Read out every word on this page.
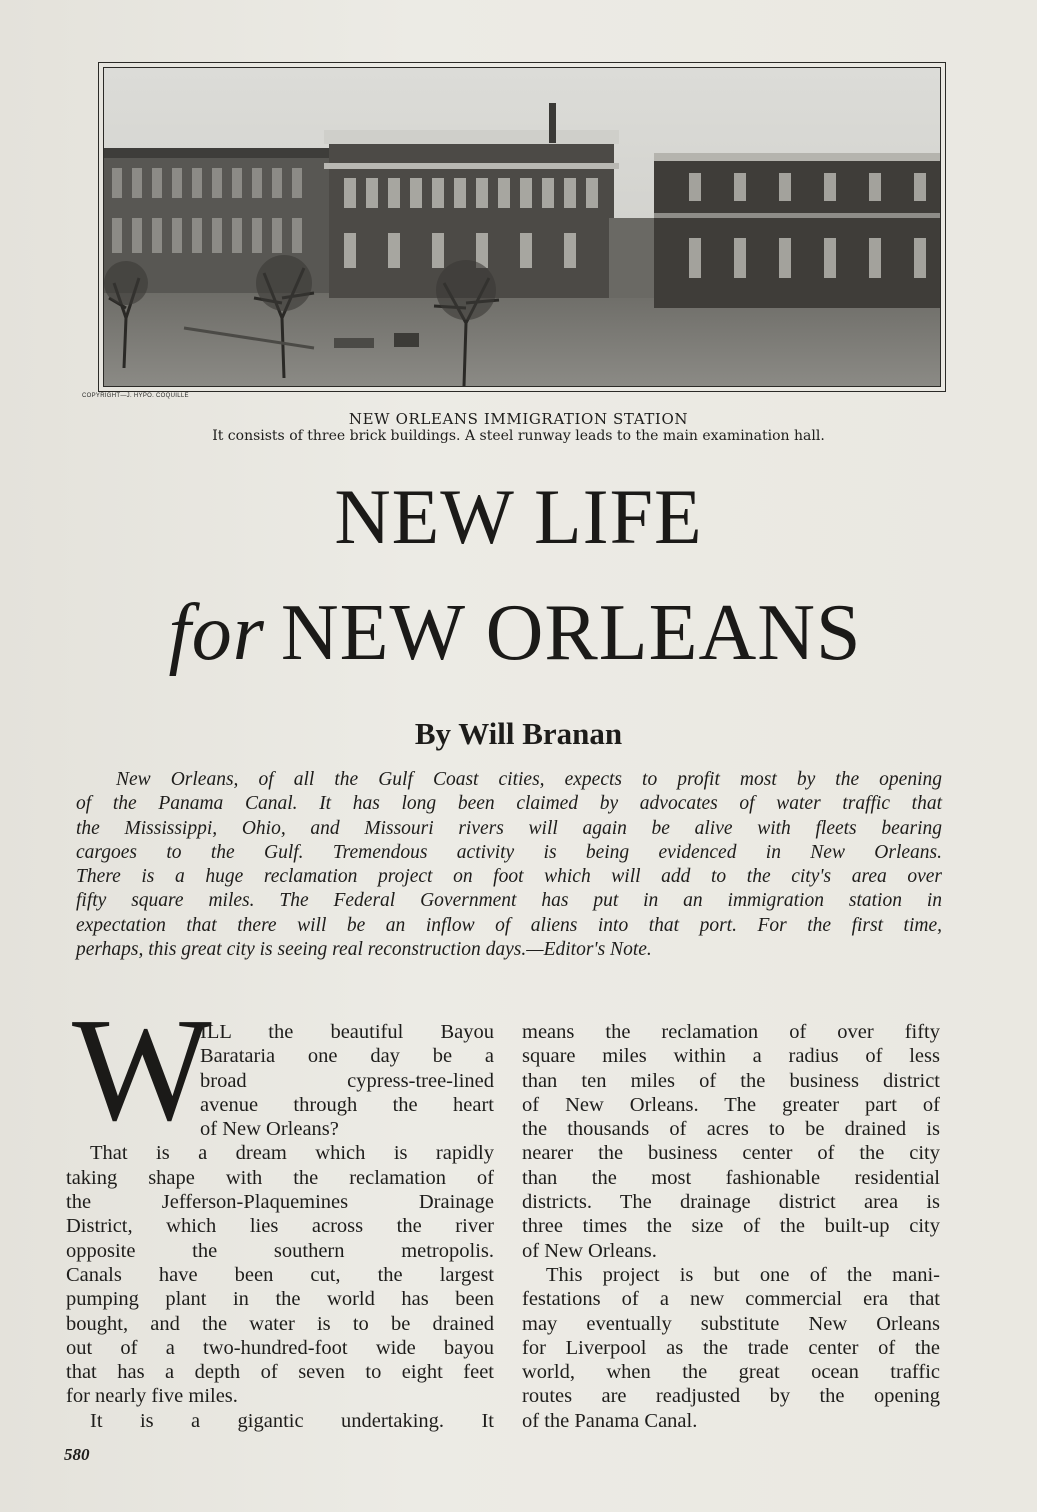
COPYRIGHT—J. HYPO. COQUILLE
NEW ORLEANS IMMIGRATION STATION
It consists of three brick buildings. A steel runway leads to the main examination hall.
NEW LIFE
for NEW ORLEANS
By Will Branan
New Orleans, of all the Gulf Coast cities, expects to profit most by the opening
of the Panama Canal. It has long been claimed by advocates of water traffic that
the Mississippi, Ohio, and Missouri rivers will again be alive with fleets bearing
cargoes to the Gulf. Tremendous activity is being evidenced in New Orleans.
There is a huge reclamation project on foot which will add to the city's area over
fifty square miles. The Federal Government has put in an immigration station in
expectation that there will be an inflow of aliens into that port. For the first time,
perhaps, this great city is seeing real reconstruction days.—Editor's Note.
W
ILL the beautiful Bayou
Barataria one day be a
broad cypress-tree-lined
avenue through the heart
of New Orleans?
That is a dream which is rapidly
taking shape with the reclamation of
the Jefferson-Plaquemines Drainage
District, which lies across the river
opposite the southern metropolis.
Canals have been cut, the largest
pumping plant in the world has been
bought, and the water is to be drained
out of a two-hundred-foot wide bayou
that has a depth of seven to eight feet
for nearly five miles.
It is a gigantic undertaking. It
means the reclamation of over fifty
square miles within a radius of less
than ten miles of the business district
of New Orleans. The greater part of
the thousands of acres to be drained is
nearer the business center of the city
than the most fashionable residential
districts. The drainage district area is
three times the size of the built-up city
of New Orleans.
This project is but one of the mani-
festations of a new commercial era that
may eventually substitute New Orleans
for Liverpool as the trade center of the
world, when the great ocean traffic
routes are readjusted by the opening
of the Panama Canal.
580
